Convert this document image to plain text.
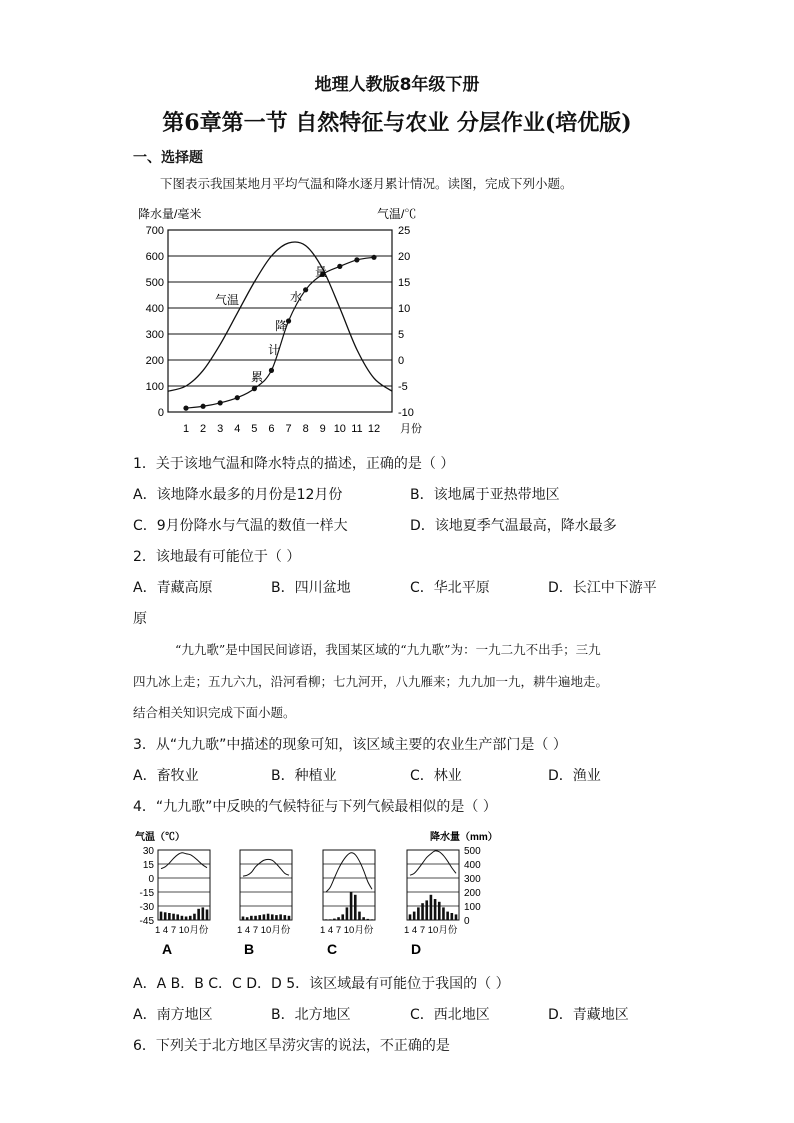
地理人教版8年级下册
第6章第一节 自然特征与农业 分层作业(培优版)
一、选择题
下图表示我国某地月平均气温和降水逐月累计情况。读图，完成下列小题。
降水量/毫米	气温/℃
700
600
500
400
300
200
100
0
25
20
15
10
5
0
-5
-10
1 2 3 4 5 6 7 8 9 10 11 12 月份
气温
累
计
降
水
量
1．关于该地气温和降水特点的描述，正确的是（ ）
A．该地降水最多的月份是12月份	B．该地属于亚热带地区
C．9月份降水与气温的数值一样大	D．该地夏季气温最高，降水最多
2．该地最有可能位于（ ）
A．青藏高原	B．四川盆地	C．华北平原	D．长江中下游平
原
“九九歌”是中国民间谚语，我国某区域的“九九歌”为：一九二九不出手；三九
四九冰上走；五九六九，沿河看柳；七九河开，八九雁来；九九加一九，耕牛遍地走。
结合相关知识完成下面小题。
3．从“九九歌”中描述的现象可知，该区域主要的农业生产部门是（ ）
A．畜牧业	B．种植业	C．林业	D．渔业
4．“九九歌”中反映的气候特征与下列气候最相似的是（ ）
气温（℃）	降水量（mm）
30
15
0
-15
-30
-45
500
400
300
200
100
0
1 4 7 10月份
A
1 4 7 10月份
B
1 4 7 10月份
C
1 4 7 10月份
D
A．A B．B C．C D．D 5．该区域最有可能位于我国的（ ）
A．南方地区	B．北方地区	C．西北地区	D．青藏地区
6．下列关于北方地区旱涝灾害的说法，不正确的是
